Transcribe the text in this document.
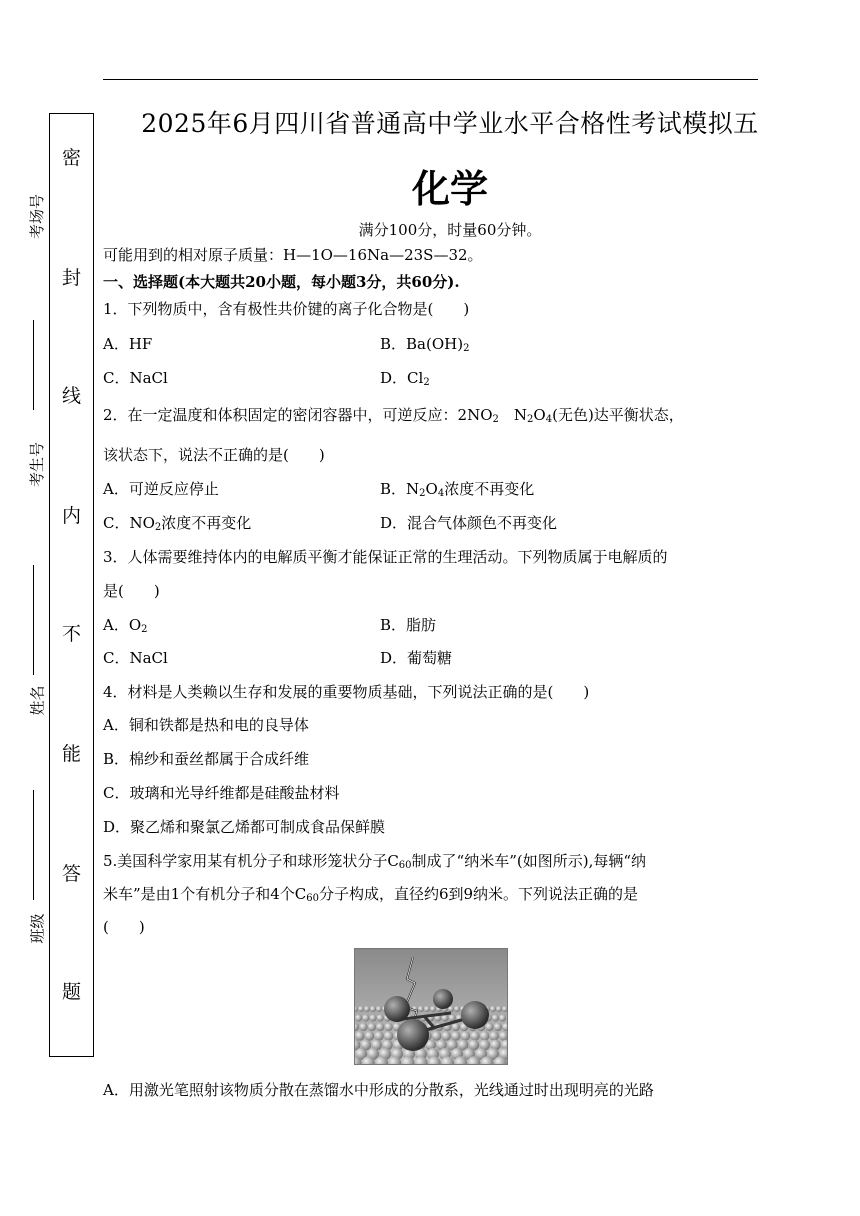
密
封
线
内
不
能
答
题
考场号
考生号
姓名
班级
2025年6月四川省普通高中学业水平合格性考试模拟五
化学
满分100分，时量60分钟。
可能用到的相对原子质量：H—1O—16Na—23S—32。
一、选择题(本大题共20小题，每小题3分，共60分).
1．下列物质中，含有极性共价键的离子化合物是(　　)
A．HF	B．$Ba(OH)_2$
C．NaCl	D．$Cl_2$
2．在一定温度和体积固定的密闭容器中，可逆反应：$2NO_2$　$N_2O_4$(无色)达平衡状态，
该状态下，说法不正确的是(　　)
A．可逆反应停止	B．$N_2O_4$浓度不再变化
C．$NO_2$浓度不再变化	D．混合气体颜色不再变化
3．人体需要维持体内的电解质平衡才能保证正常的生理活动。下列物质属于电解质的
是(　　)
A．$O_2$	B．脂肪
C．NaCl	D．葡萄糖
4．材料是人类赖以生存和发展的重要物质基础，下列说法正确的是(　　)
A．铜和铁都是热和电的良导体
B．棉纱和蚕丝都属于合成纤维
C．玻璃和光导纤维都是硅酸盐材料
D．聚乙烯和聚氯乙烯都可制成食品保鲜膜
5.美国科学家用某有机分子和球形笼状分子$C_{60}$制成了“纳米车”(如图所示),每辆“纳
米车”是由1个有机分子和4个$C_{60}$分子构成，直径约6到9纳米。下列说法正确的是
(　　)
A．用激光笔照射该物质分散在蒸馏水中形成的分散系，光线通过时出现明亮的光路
